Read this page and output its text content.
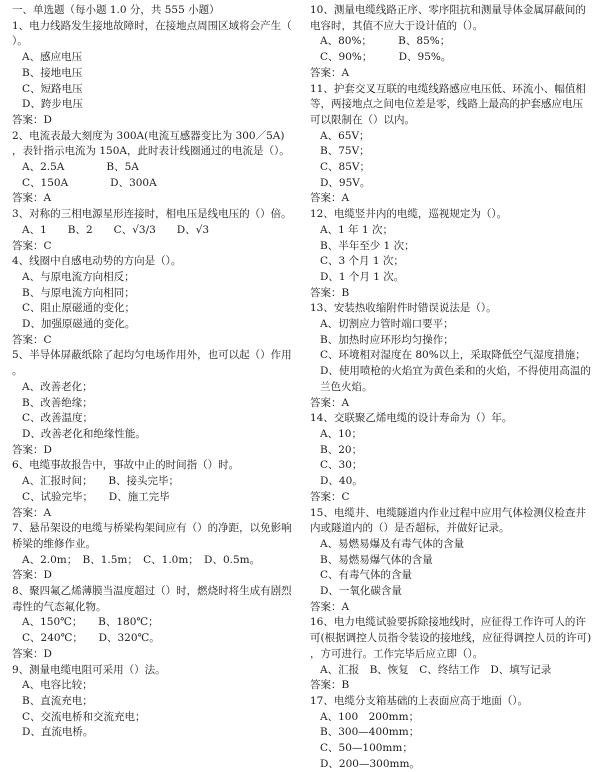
一、单选题（每小题 1.0 分，共 555 小题）
1、电力线路发生接地故障时，在接地点周围区域将会产生（
）。
A、感应电压
B、接地电压
C、短路电压
D、跨步电压
答案：D
2、电流表最大刻度为 300A(电流互感器变比为 300／5A)
，表针指示电流为 150A，此时表计线圈通过的电流是（）。
A、2.5A　　　　B、5A
C、150A　　　　D、300A
答案：A
3、对称的三相电源星形连接时，相电压是线电压的（）倍。
A、1　　B、2　　C、√3/3　　D、√3
答案：C
4、线圈中自感电动势的方向是（）。
A、与原电流方向相反；
B、与原电流方向相同；
C、阻止原磁通的变化；
D、加强原磁通的变化。
答案：C
5、半导体屏蔽纸除了起均匀电场作用外，也可以起（）作用
。
A、改善老化；
B、改善绝缘；
C、改善温度；
D、改善老化和绝缘性能。
答案：D
6、电缆事故报告中，事故中止的时间指（）时。
A、汇报时间；　　B、接头完毕；
C、试验完毕；　　D、施工完毕
答案：A
7、悬吊架设的电缆与桥梁构架间应有（）的净距，以免影响
桥梁的维修作业。
A、2.0m；　B、1.5m；　C、1.0m；　D、0.5m。
答案：D
8、聚四氟乙烯薄膜当温度超过（）时，燃烧时将生成有剧烈
毒性的气态氟化物。
A、150℃；　　B、180℃；
C、240℃；　　D、320℃。
答案：D
9、测量电缆电阻可采用（）法。
A、电容比较；
B、直流充电；
C、交流电桥和交流充电；
D、直流电桥。
10、测量电缆线路正序、零序阻抗和测量导体金属屏蔽间的
电容时，其值不应大于设计值的（）。
A、80%；　　　B、85%；
C、90%；　　　D、95%。
答案：A
11、护套交叉互联的电缆线路感应电压低、环流小、幅值相
等，两接地点之间电位差是零，线路上最高的护套感应电压
可以限制在（）以内。
A、65V；
B、75V；
C、85V；
D、95V。
答案：A
12、电缆竖井内的电缆，巡视规定为（）。
A、1 年 1 次；
B、半年至少 1 次；
C、3 个月 1 次；
D、1 个月 1 次。
答案：B
13、安装热收缩附件时错误说法是（）。
A、切割应力管时端口要平；
B、加热时应环形均匀操作；
C、环境相对湿度在 80%以上，采取降低空气湿度措施；
D、使用喷枪的火焰宜为黄色柔和的火焰，不得使用高温的
兰色火焰。
答案：A
14、交联聚乙烯电缆的设计寿命为（）年。
A、10；
B、20；
C、30；
D、40。
答案：C
15、电缆井、电缆隧道内作业过程中应用气体检测仪检查井
内或隧道内的（）是否超标，并做好记录。
A、易燃易爆及有毒气体的含量
B、易燃易爆气体的含量
C、有毒气体的含量
D、一氧化碳含量
答案：A
16、电力电缆试验要拆除接地线时，应征得工作许可人的许
可(根据调控人员指令装设的接地线，应征得调控人员的许可)
，方可进行。工作完毕后应立即（）。
A、汇报　B、恢复　C、终结工作　D、填写记录
答案：B
17、电缆分支箱基础的上表面应高于地面（）。
A、100　200mm；
B、300—400mm；
C、50—100mm；
D、200—300mm。
